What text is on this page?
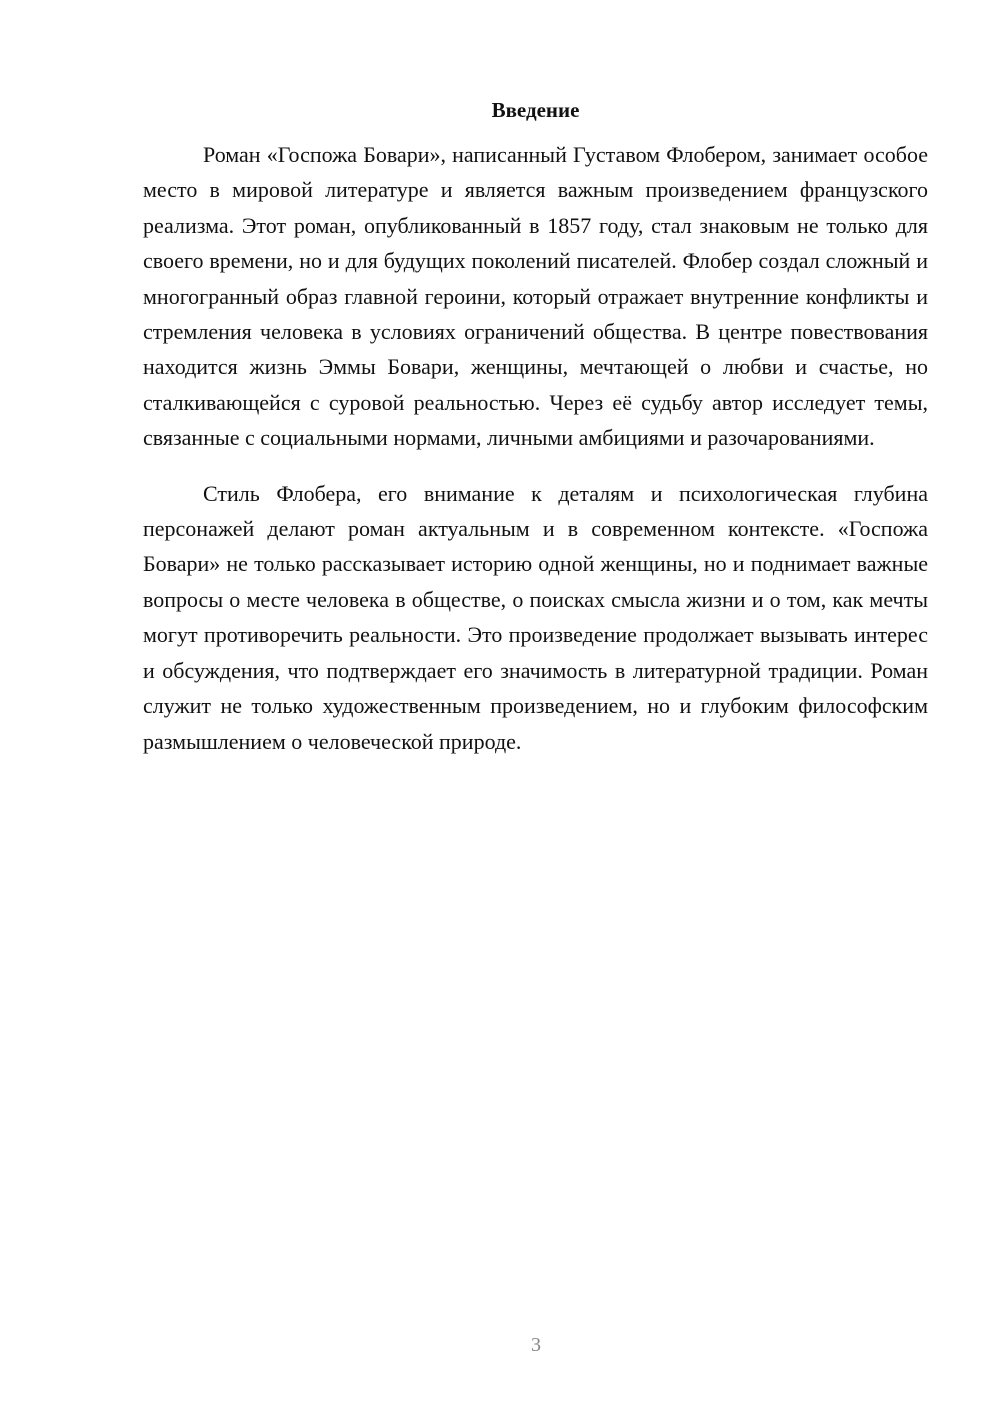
Введение

Роман «Госпожа Бовари», написанный Густавом Флобером, занимает особое место в мировой литературе и является важным произведением французского реализма. Этот роман, опубликованный в 1857 году, стал знаковым не только для своего времени, но и для будущих поколений писателей. Флобер создал сложный и многогранный образ главной героини, который отражает внутренние конфликты и стремления человека в условиях ограничений общества. В центре повествования находится жизнь Эммы Бовари, женщины, мечтающей о любви и счастье, но сталкивающейся с суровой реальностью. Через её судьбу автор исследует темы, связанные с социальными нормами, личными амбициями и разочарованиями.

Стиль Флобера, его внимание к деталям и психологическая глубина персонажей делают роман актуальным и в современном контексте. «Госпожа Бовари» не только рассказывает историю одной женщины, но и поднимает важные вопросы о месте человека в обществе, о поисках смысла жизни и о том, как мечты могут противоречить реальности. Это произведение продолжает вызывать интерес и обсуждения, что подтверждает его значимость в литературной традиции. Роман служит не только художественным произведением, но и глубоким философским размышлением о человеческой природе.

3
